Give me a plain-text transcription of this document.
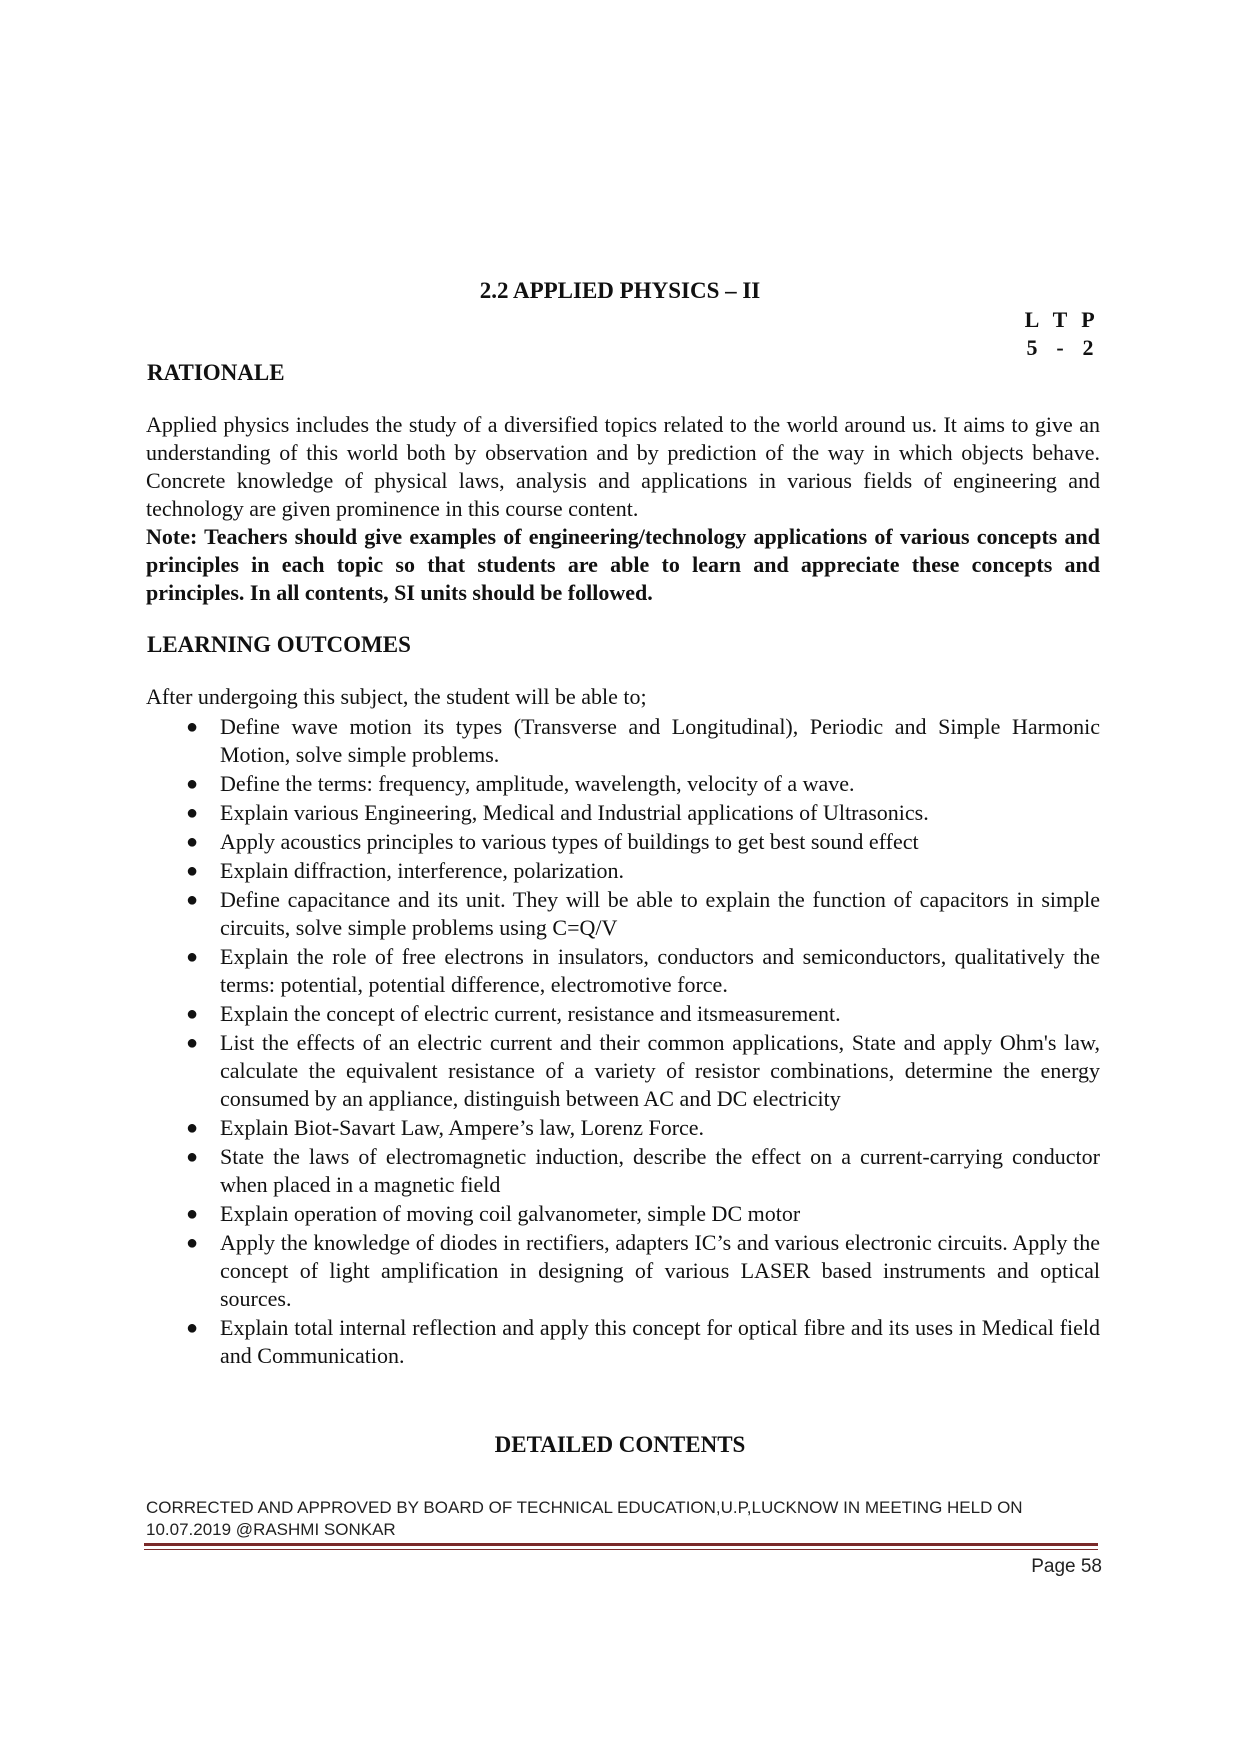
2.2 APPLIED PHYSICS – II
L T P
5 - 2
RATIONALE
Applied physics includes the study of a diversified topics related to the world around us. It aims to give an understanding of this world both by observation and by prediction of the way in which objects behave. Concrete knowledge of physical laws, analysis and applications in various fields of engineering and technology are given prominence in this course content.
Note: Teachers should give examples of engineering/technology applications of various concepts and principles in each topic so that students are able to learn and appreciate these concepts and principles. In all contents, SI units should be followed.
LEARNING OUTCOMES
After undergoing this subject, the student will be able to;
● Define wave motion its types (Transverse and Longitudinal), Periodic and Simple Harmonic Motion, solve simple problems.
● Define the terms: frequency, amplitude, wavelength, velocity of a wave.
● Explain various Engineering, Medical and Industrial applications of Ultrasonics.
● Apply acoustics principles to various types of buildings to get best sound effect
● Explain diffraction, interference, polarization.
● Define capacitance and its unit. They will be able to explain the function of capacitors in simple circuits, solve simple problems using C=Q/V
● Explain the role of free electrons in insulators, conductors and semiconductors, qualitatively the terms: potential, potential difference, electromotive force.
● Explain the concept of electric current, resistance and itsmeasurement.
● List the effects of an electric current and their common applications, State and apply Ohm's law, calculate the equivalent resistance of a variety of resistor combinations, determine the energy consumed by an appliance, distinguish between AC and DC electricity
● Explain Biot-Savart Law, Ampere’s law, Lorenz Force.
● State the laws of electromagnetic induction, describe the effect on a current-carrying conductor when placed in a magnetic field
● Explain operation of moving coil galvanometer, simple DC motor
● Apply the knowledge of diodes in rectifiers, adapters IC’s and various electronic circuits. Apply the concept of light amplification in designing of various LASER based instruments and optical sources.
● Explain total internal reflection and apply this concept for optical fibre and its uses in Medical field and Communication.
DETAILED CONTENTS
CORRECTED AND APPROVED BY BOARD OF TECHNICAL EDUCATION,U.P,LUCKNOW IN MEETING HELD ON
10.07.2019 @RASHMI SONKAR
Page 58
